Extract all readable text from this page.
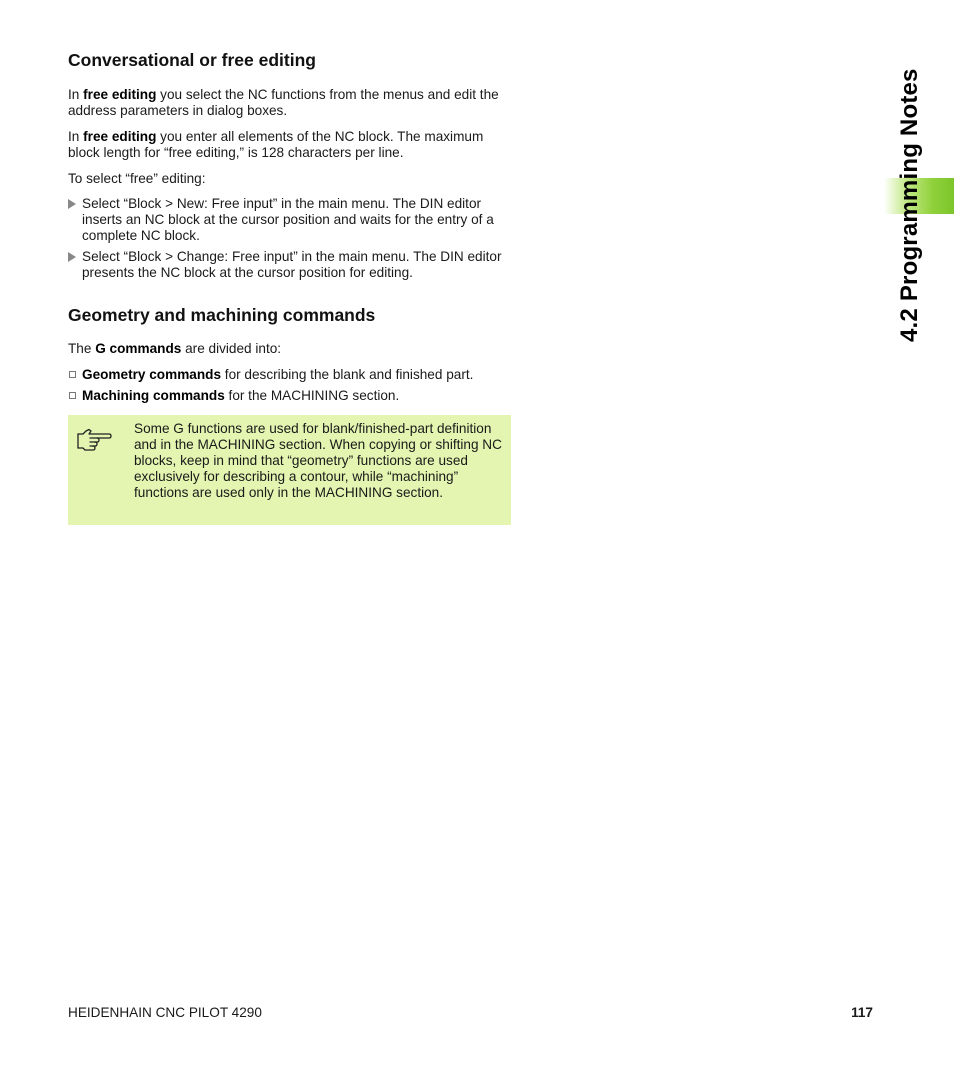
Conversational or free editing

In free editing you select the NC functions from the menus and edit the address parameters in dialog boxes.

In free editing you enter all elements of the NC block. The maximum block length for “free editing,” is 128 characters per line.

To select “free” editing:

Select “Block > New: Free input” in the main menu. The DIN editor inserts an NC block at the cursor position and waits for the entry of a complete NC block.
Select “Block > Change: Free input” in the main menu. The DIN editor presents the NC block at the cursor position for editing.
Geometry and machining commands

The G commands are divided into:

Geometry commands for describing the blank and finished part.
Machining commands for the MACHINING section.
Some G functions are used for blank/finished-part definition and in the MACHINING section. When copying or shifting NC blocks, keep in mind that “geometry” functions are used exclusively for describing a contour, while “machining” functions are used only in the MACHINING section.
4.2 Programming Notes
HEIDENHAIN CNC PILOT 4290	117
